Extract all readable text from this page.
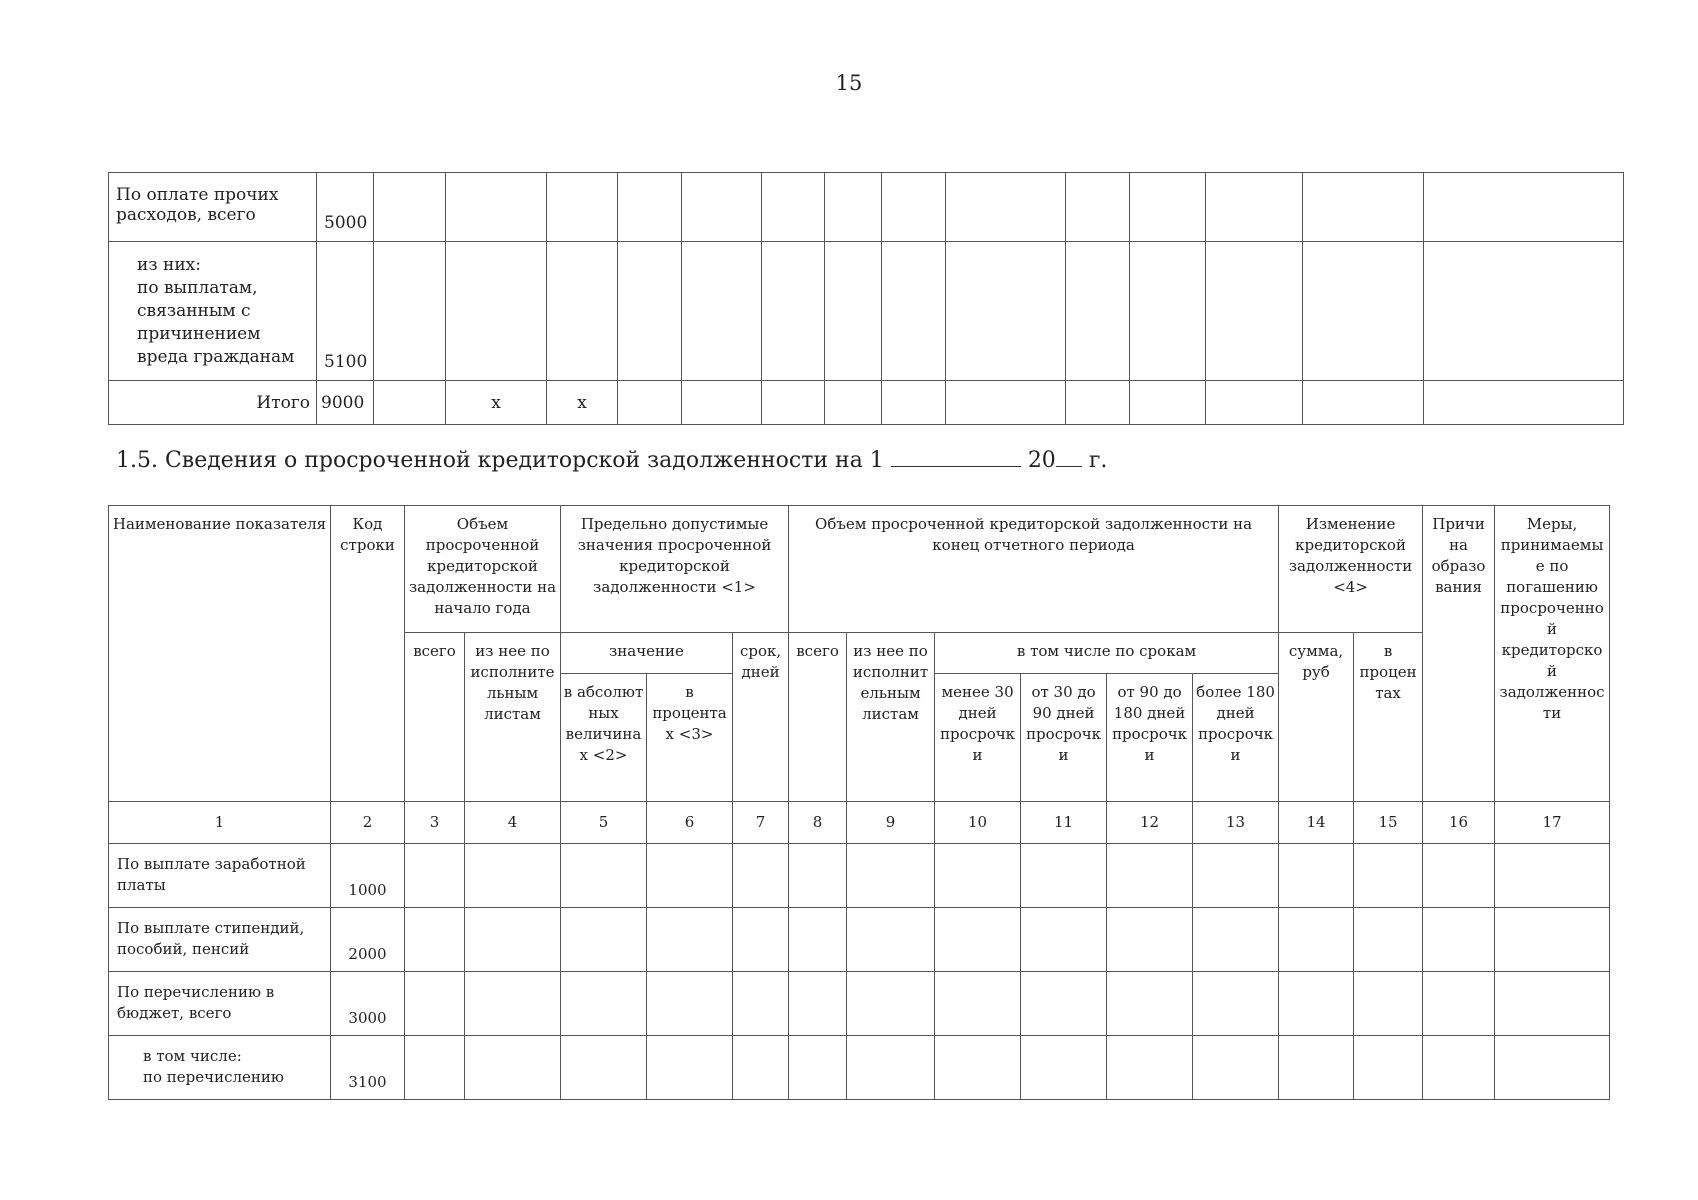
15
По оплате прочих
расходов, всего	5000														

из них:
по выплатам,
связанным с
причинением
вреда гражданам	5100														
Итого	9000		х	х											
1.5. Сведения о просроченной кредиторской задолженности на 1	20 г.
Наименование показателя	Код строки	Объем просроченной кредиторской задолженности на начало года		Предельно допустимые значения просроченной кредиторской задолженности <1>			Объем просроченной кредиторской задолженности на конец отчетного периода						Изменение кредиторской задолженности <4>		Причи на образо вания	Меры, принимаемы е по погашению просроченно й кредиторско й задолженнос ти
		всего	из нее по исполните льным листам	значение		срок, дней	всего	из нее по исполнит ельным листам	в том числе по срокам				сумма, руб	в процен тах		
				в абсолют ных величина х <2>	в процента х <3>				менее 30 дней просрочк и	от 30 до 90 дней просрочк и	от 90 до 180 дней просрочк и	более 180 дней просрочк и				
1	2	3	4	5	6	7	8	9	10	11	12	13	14	15	16	17

По выплате заработной
платы	1000															

По выплате стипендий,
пособий, пенсий	2000															

По перечислению в
бюджет, всего	3000															

в том числе:
по перечислению	3100															
